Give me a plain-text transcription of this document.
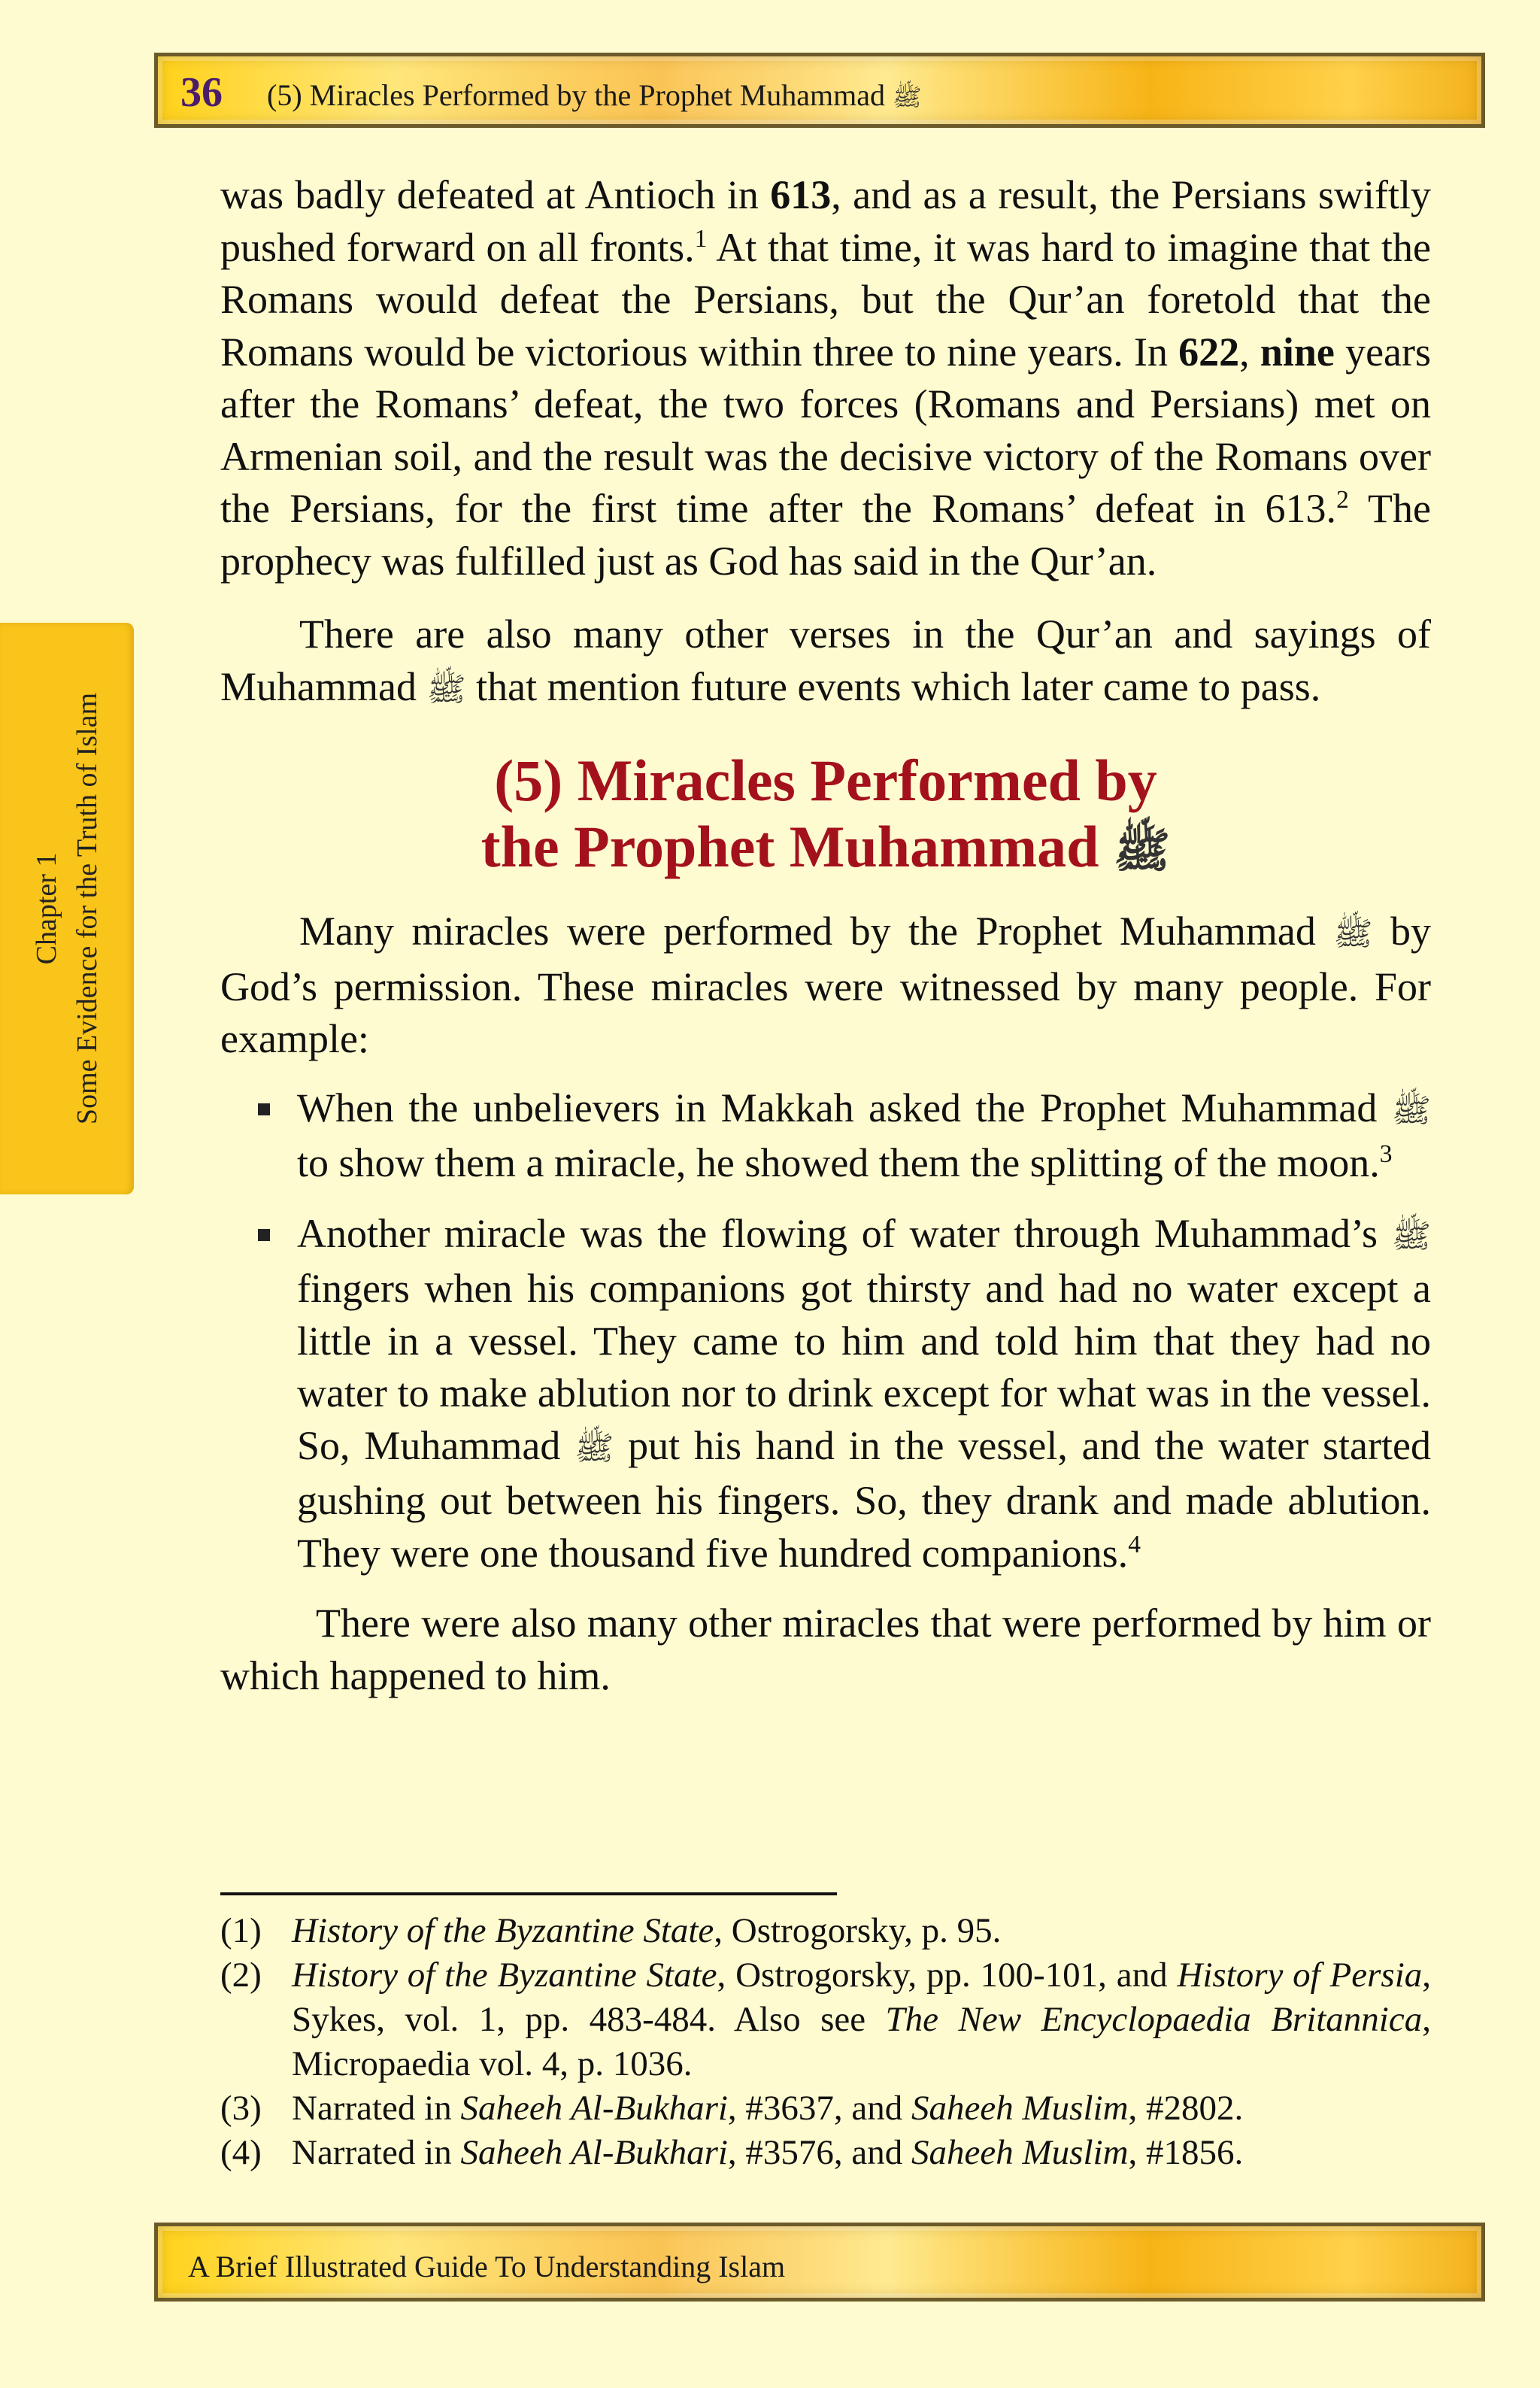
36 (5) Miracles Performed by the Prophet Muhammad ﷺ
Chapter 1 Some Evidence for the Truth of Islam

was badly defeated at Antioch in 613, and as a result, the Persians swiftly pushed forward on all fronts.$^1$ At that time, it was hard to imagine that the Romans would defeat the Persians, but the Qur’an foretold that the Romans would be victorious within three to nine years. In 622, nine years after the Romans’ defeat, the two forces (Romans and Persians) met on Armenian soil, and the result was the decisive victory of the Romans over the Persians, for the first time after the Romans’ defeat in 613.$^2$ The prophecy was fulfilled just as God has said in the Qur’an.

There are also many other verses in the Qur’an and sayings of Muhammad ﷺ that mention future events which later came to pass.

(5) Miracles Performed by
the Prophet Muhammad ﷺ

Many miracles were performed by the Prophet Muhammad ﷺ by God’s permission. These miracles were witnessed by many people. For example:

When the unbelievers in Makkah asked the Prophet Muhammad ﷺ to show them a miracle, he showed them the splitting of the moon.$^3$
Another miracle was the flowing of water through Muhammad’s ﷺ fingers when his companions got thirsty and had no water except a little in a vessel. They came to him and told him that they had no water to make ablution nor to drink except for what was in the vessel. So, Muhammad ﷺ put his hand in the vessel, and the water started gushing out between his fingers. So, they drank and made ablution. They were one thousand five hundred companions.$^4$

There were also many other miracles that were performed by him or which happened to him.

(1) History of the Byzantine State, Ostrogorsky, p. 95.
(2) History of the Byzantine State, Ostrogorsky, pp. 100-101, and History of Persia, Sykes, vol. 1, pp. 483-484. Also see The New Encyclopaedia Britannica, Micropaedia vol. 4, p. 1036.
(3) Narrated in Saheeh Al-Bukhari, #3637, and Saheeh Muslim, #2802.
(4) Narrated in Saheeh Al-Bukhari, #3576, and Saheeh Muslim, #1856.
A Brief Illustrated Guide To Understanding Islam
